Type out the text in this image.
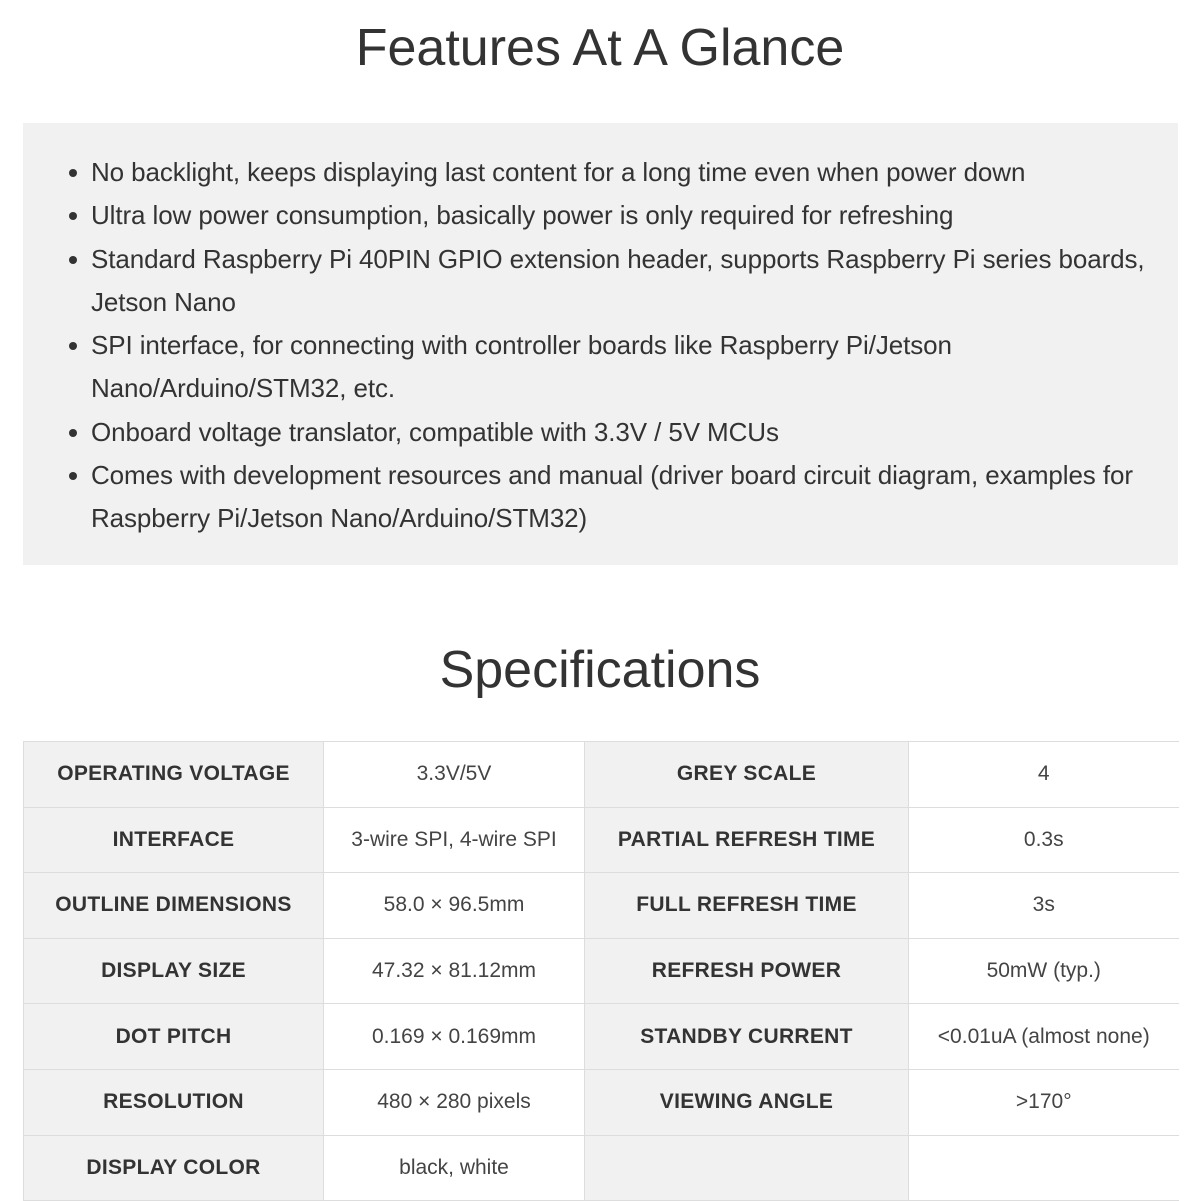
Features At A Glance
No backlight, keeps displaying last content for a long time even when power down
Ultra low power consumption, basically power is only required for refreshing
Standard Raspberry Pi 40PIN GPIO extension header, supports Raspberry Pi series boards, Jetson Nano
SPI interface, for connecting with controller boards like Raspberry Pi/Jetson Nano/Arduino/STM32, etc.
Onboard voltage translator, compatible with 3.3V / 5V MCUs
Comes with development resources and manual (driver board circuit diagram, examples for Raspberry Pi/Jetson Nano/Arduino/STM32)
Specifications
OPERATING VOLTAGE	3.3V/5V	GREY SCALE	4
INTERFACE	3-wire SPI, 4-wire SPI	PARTIAL REFRESH TIME	0.3s
OUTLINE DIMENSIONS	58.0 × 96.5mm	FULL REFRESH TIME	3s
DISPLAY SIZE	47.32 × 81.12mm	REFRESH POWER	50mW (typ.)
DOT PITCH	0.169 × 0.169mm	STANDBY CURRENT	<0.01uA (almost none)
RESOLUTION	480 × 280 pixels	VIEWING ANGLE	>170°
DISPLAY COLOR	black, white		
